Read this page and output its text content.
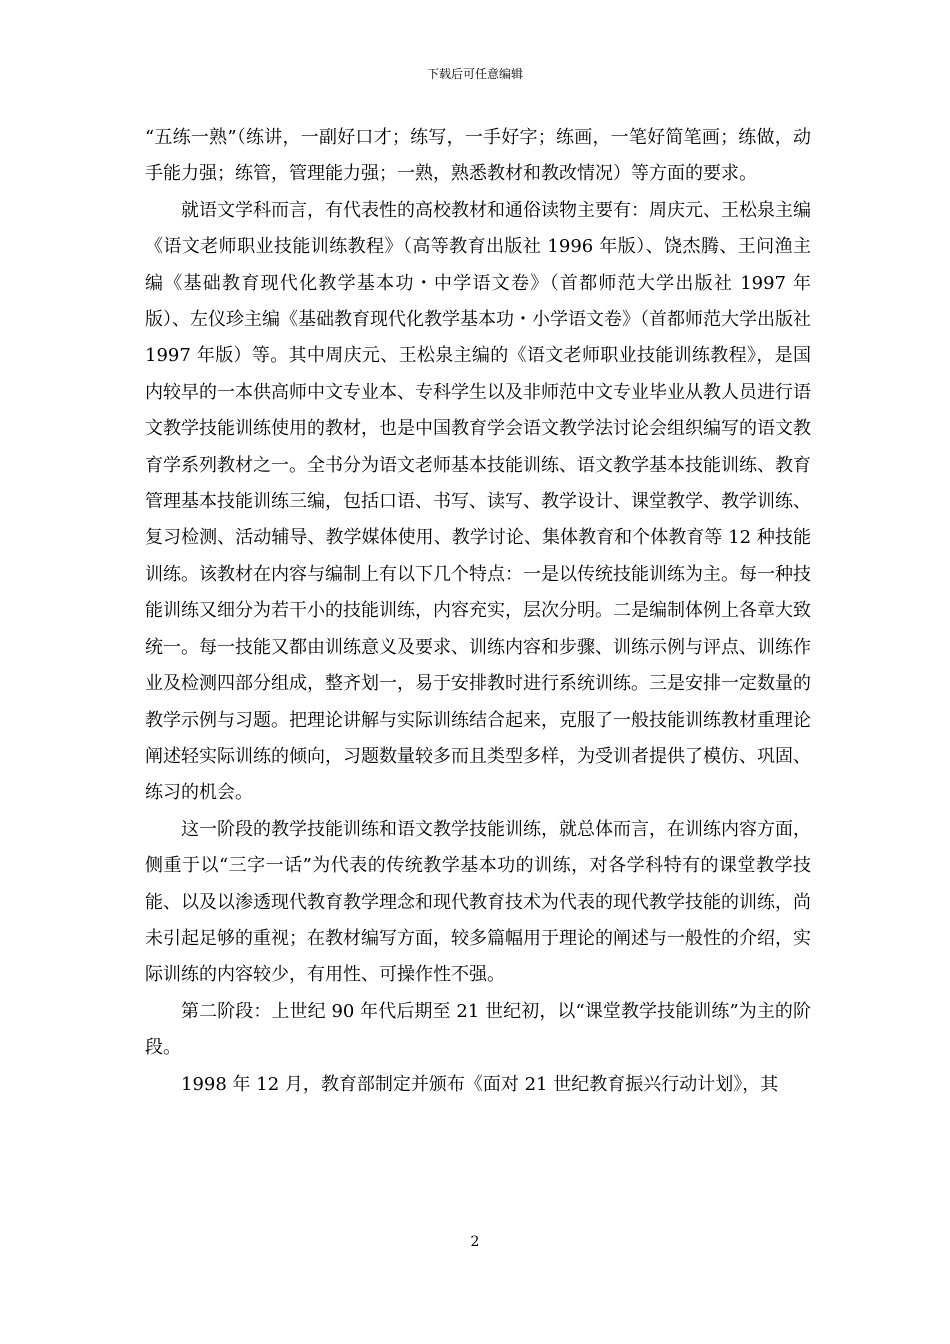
下载后可任意编辑

“五练一熟”（练讲，一副好口才；练写，一手好字；练画，一笔好简笔画；练做，动手能力强；练管，管理能力强；一熟，熟悉教材和教改情况）等方面的要求。

就语文学科而言，有代表性的高校教材和通俗读物主要有：周庆元、王松泉主编《语文老师职业技能训练教程》（高等教育出版社 1996 年版）、饶杰腾、王问渔主编《基础教育现代化教学基本功・中学语文卷》（首都师范大学出版社 1997 年版）、左仪珍主编《基础教育现代化教学基本功・小学语文卷》（首都师范大学出版社 1997 年版）等。其中周庆元、王松泉主编的《语文老师职业技能训练教程》，是国内较早的一本供高师中文专业本、专科学生以及非师范中文专业毕业从教人员进行语文教学技能训练使用的教材，也是中国教育学会语文教学法讨论会组织编写的语文教育学系列教材之一。全书分为语文老师基本技能训练、语文教学基本技能训练、教育管理基本技能训练三编，包括口语、书写、读写、教学设计、课堂教学、教学训练、复习检测、活动辅导、教学媒体使用、教学讨论、集体教育和个体教育等 12 种技能训练。该教材在内容与编制上有以下几个特点：一是以传统技能训练为主。每一种技能训练又细分为若干小的技能训练，内容充实，层次分明。二是编制体例上各章大致统一。每一技能又都由训练意义及要求、训练内容和步骤、训练示例与评点、训练作业及检测四部分组成，整齐划一，易于安排教时进行系统训练。三是安排一定数量的教学示例与习题。把理论讲解与实际训练结合起来，克服了一般技能训练教材重理论阐述轻实际训练的倾向，习题数量较多而且类型多样，为受训者提供了模仿、巩固、练习的机会。

这一阶段的教学技能训练和语文教学技能训练，就总体而言，在训练内容方面，侧重于以“三字一话”为代表的传统教学基本功的训练，对各学科特有的课堂教学技能、以及以渗透现代教育教学理念和现代教育技术为代表的现代教学技能的训练，尚未引起足够的重视；在教材编写方面，较多篇幅用于理论的阐述与一般性的介绍，实际训练的内容较少，有用性、可操作性不强。

第二阶段：上世纪 90 年代后期至 21 世纪初，以“课堂教学技能训练”为主的阶段。

1998 年 12 月，教育部制定并颁布《面对 21 世纪教育振兴行动计划》，其

2
